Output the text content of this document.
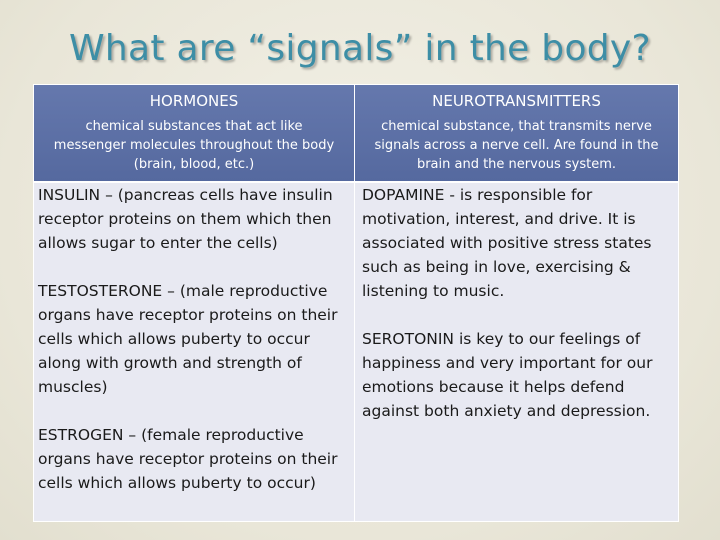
What are “signals” in the body?
HORMONES
chemical substances that act like messenger molecules throughout the body (brain, blood, etc.)
NEUROTRANSMITTERS
chemical substance, that transmits nerve signals across a nerve cell. Are found in the brain and the nervous system.

INSULIN – (pancreas cells have insulin receptor proteins on them which then allows sugar to enter the cells)

TESTOSTERONE – (male reproductive organs have receptor proteins on their cells which allows puberty to occur along with growth and strength of muscles)

ESTROGEN – (female reproductive organs have receptor proteins on their cells which allows puberty to occur)

DOPAMINE - is responsible for motivation, interest, and drive. It is associated with positive stress states such as being in love, exercising & listening to music.

SEROTONIN is key to our feelings of happiness and very important for our emotions because it helps defend against both anxiety and depression.
